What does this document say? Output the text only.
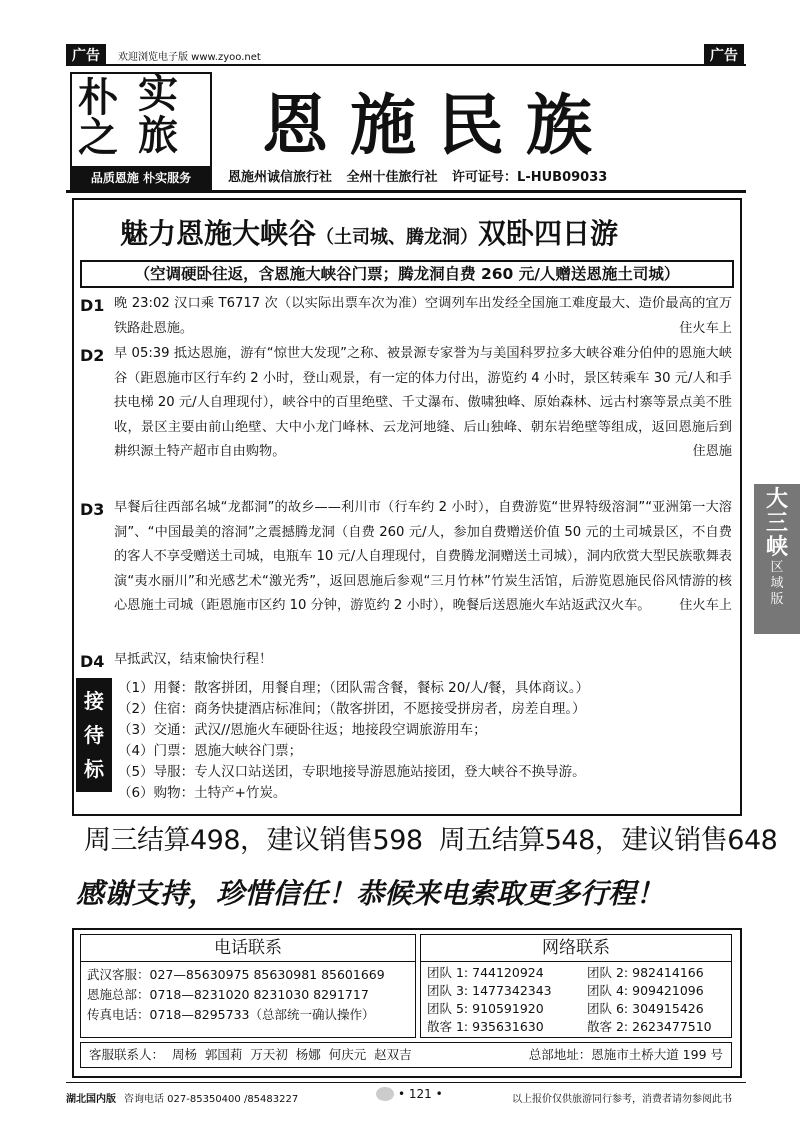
广告	欢迎浏览电子版 www.zyoo.net	广告
朴 实
之 旅
品质恩施 朴实服务
恩施民族
恩施州诚信旅行社 全州十佳旅行社 许可证号：L-HUB09033
魅力恩施大峡谷（土司城、腾龙洞）双卧四日游
（空调硬卧往返，含恩施大峡谷门票；腾龙洞自费 260 元/人赠送恩施土司城）
D1 晚 23:02 汉口乘 T6717 次（以实际出票车次为准）空调列车出发经全国施工难度最大、造价最高的宜万铁路赴恩施。	住火车上
D2 早 05:39 抵达恩施，游有“惊世大发现”之称、被景源专家誉为与美国科罗拉多大峡谷难分伯仲的恩施大峡谷（距恩施市区行车约 2 小时，登山观景，有一定的体力付出，游览约 4 小时，景区转乘车 30 元/人和手扶电梯 20 元/人自理现付），峡谷中的百里绝壁、千丈瀑布、傲啸独峰、原始森林、远古村寨等景点美不胜收，景区主要由前山绝壁、大中小龙门峰林、云龙河地缝、后山独峰、朝东岩绝壁等组成，返回恩施后到耕织源土特产超市自由购物。	住恩施
D3 早餐后往西部名城“龙都洞”的故乡——利川市（行车约 2 小时），自费游览“世界特级溶洞”“亚洲第一大溶洞”、“中国最美的溶洞”之震撼腾龙洞（自费 260 元/人，参加自费赠送价值 50 元的土司城景区，不自费的客人不享受赠送土司城，电瓶车 10 元/人自理现付，自费腾龙洞赠送土司城），洞内欣赏大型民族歌舞表演“夷水丽川”和光感艺术“激光秀”，返回恩施后参观“三月竹林”竹炭生活馆，后游览恩施民俗风情游的核心恩施土司城（距恩施市区约 10 分钟，游览约 2 小时），晚餐后送恩施火车站返武汉火车。 住火车上
D4 早抵武汉，结束愉快行程！
接
待
标
（1）用餐：散客拼团，用餐自理；（团队需含餐，餐标 20/人/餐，具体商议。）
（2）住宿：商务快捷酒店标准间；（散客拼团，不愿接受拼房者，房差自理。）
（3）交通：武汉//恩施火车硬卧往返；地接段空调旅游用车；
（4）门票：恩施大峡谷门票；
（5）导服：专人汉口站送团，专职地接导游恩施站接团，登大峡谷不换导游。
（6）购物：土特产+竹炭。
周三结算498，建议销售598  周五结算548，建议销售648
感谢支持，珍惜信任！恭候来电索取更多行程！
电话联系
武汉客服：027—85630975 85630981 85601669
恩施总部：0718—8231020 8231030 8291717
传真电话：0718—8295733（总部统一确认操作）
网络联系
团队 1: 744120924	团队 2: 982414166
团队 3: 1477342343	团队 4: 909421096
团队 5: 910591920	团队 6: 304915426
散客 1: 935631630	散客 2: 2623477510
客服联系人：  周杨  郭国莉  万天初  杨娜  何庆元  赵双吉	总部地址：恩施市土桥大道 199 号
大
三
峡
区
域
版
湖北国内版 咨询电话 027-85350400 /85483227	• 121 •	以上报价仅供旅游同行参考，消费者请勿参阅此书
